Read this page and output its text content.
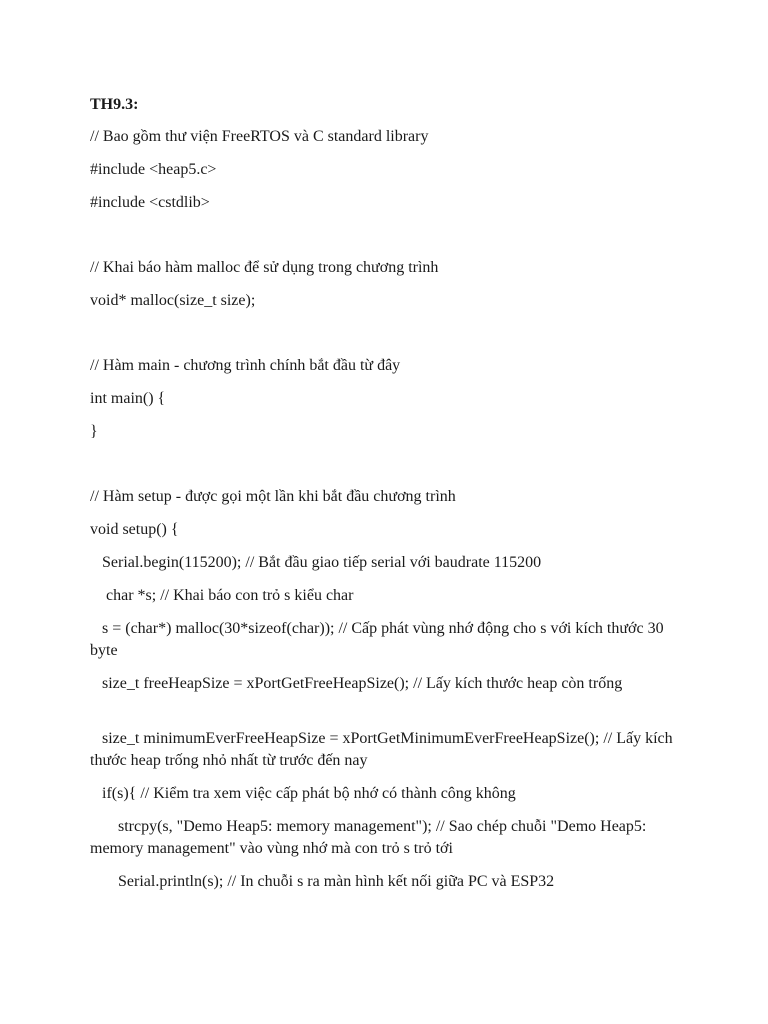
TH9.3:
// Bao gồm thư viện FreeRTOS và C standard library
#include <heap5.c>
#include <cstdlib>
// Khai báo hàm malloc để sử dụng trong chương trình
void* malloc(size_t size);
// Hàm main - chương trình chính bắt đầu từ đây
int main() {
}
// Hàm setup - được gọi một lần khi bắt đầu chương trình
void setup() {
Serial.begin(115200); // Bắt đầu giao tiếp serial với baudrate 115200
char *s; // Khai báo con trỏ s kiểu char
s = (char*) malloc(30*sizeof(char)); // Cấp phát vùng nhớ động cho s với kích thước 30 byte
size_t freeHeapSize = xPortGetFreeHeapSize(); // Lấy kích thước heap còn trống
size_t minimumEverFreeHeapSize = xPortGetMinimumEverFreeHeapSize(); // Lấy kích thước heap trống nhỏ nhất từ trước đến nay
if(s){ // Kiểm tra xem việc cấp phát bộ nhớ có thành công không
strcpy(s, "Demo Heap5: memory management"); // Sao chép chuỗi "Demo Heap5: memory management" vào vùng nhớ mà con trỏ s trỏ tới
Serial.println(s); // In chuỗi s ra màn hình kết nối giữa PC và ESP32
